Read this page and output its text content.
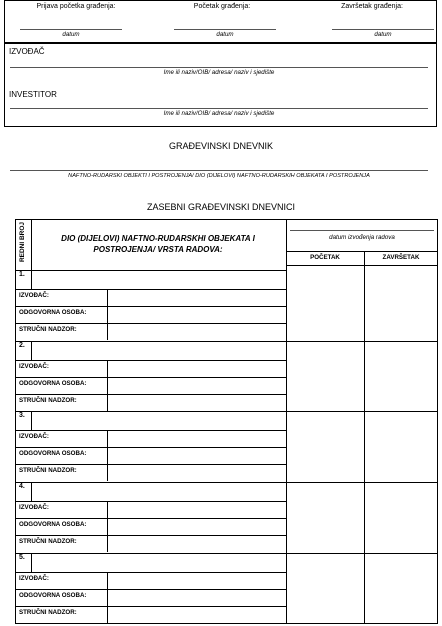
Prijava početka građenja:	Početak građenja:	Završetak građenja:
datum	datum	datum
IZVOĐAČ
Ime ili naziv/OIB/ adresa/ naziv i sjedište
INVESTITOR
Ime ili naziv/OIB/ adresa/ naziv i sjedište
GRAĐEVINSKI DNEVNIK
NAFTNO-RUDARSKI OBJEKTI I POSTROJENJA/ DIO (DIJELOVI) NAFTNO-RUDARSKIH OBJEKATA I POSTROJENJA
ZASEBNI GRAĐEVINSKI DNEVNICI
REDNI BROJ	DIO (DIJELOVI) NAFTNO-RUDARSKHI OBJEKATA I POSTROJENJA/ VRSTA RADOVA:
datum izvođenja radova
POČETAK	ZAVRŠETAK
1.
IZVOĐAČ:
ODGOVORNA OSOBA:
STRUČNI NADZOR:
2.
IZVOĐAČ:
ODGOVORNA OSOBA:
STRUČNI NADZOR:
3.
IZVOĐAČ:
ODGOVORNA OSOBA:
STRUČNI NADZOR:
4.
IZVOĐAČ:
ODGOVORNA OSOBA:
STRUČNI NADZOR:
5.
IZVOĐAČ:
ODGOVORNA OSOBA:
STRUČNI NADZOR:
